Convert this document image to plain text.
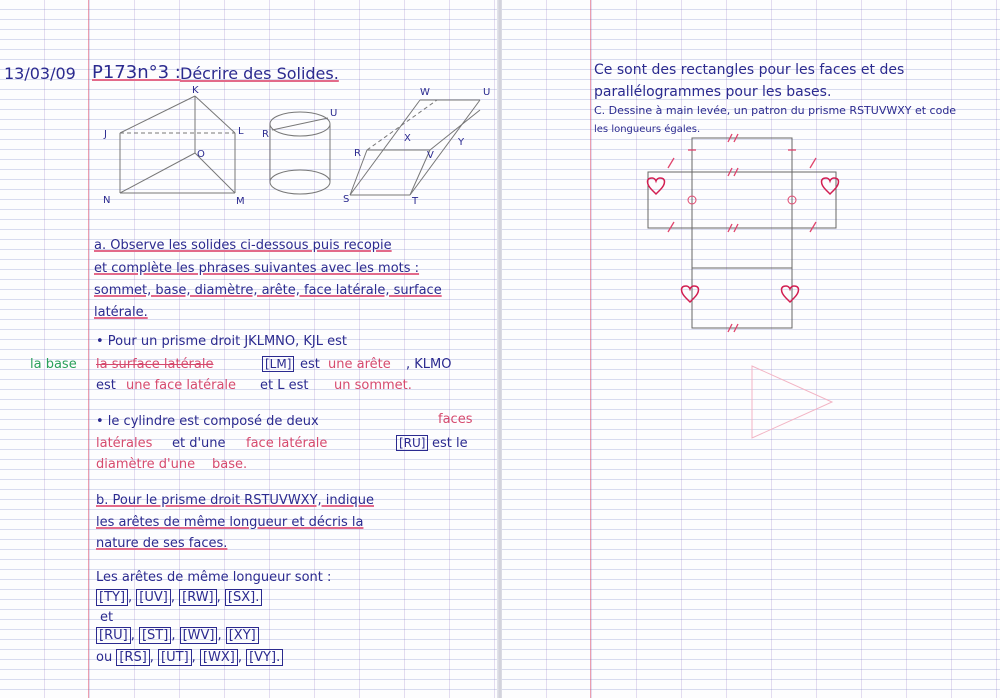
13/03/09 P173n°3 : Décrire des Solides.
K
J	L
O
N	M
R
U
W	U
R
X
V
Y
S	T
a. Observe les solides ci-dessous puis recopie
et complète les phrases suivantes avec les mots :
sommet, base, diamètre, arête, face latérale, surface
latérale.
• Pour un prisme droit JKLMNO, KJL est
la base la surface latérale	[LM] est une arête , KLMO
est une face latérale et L est un sommet.
• le cylindre est composé de deux	faces
latérales et d'une face latérale	[RU] est le
diamètre d'une base.
b. Pour le prisme droit RSTUVWXY, indique
les arêtes de même longueur et décris la
nature de ses faces.
Les arêtes de même longueur sont :
[TY] , [UV] , [RW] , [SX].
et
[RU] , [ST] , [WV] , [XY]
ou [RS] , [UT] , [WX] , [VY].
Ce sont des rectangles pour les faces et des
parallélogrammes pour les bases.
C. Dessine à main levée, un patron du prisme RSTUVWXY et code
les longueurs égales.
